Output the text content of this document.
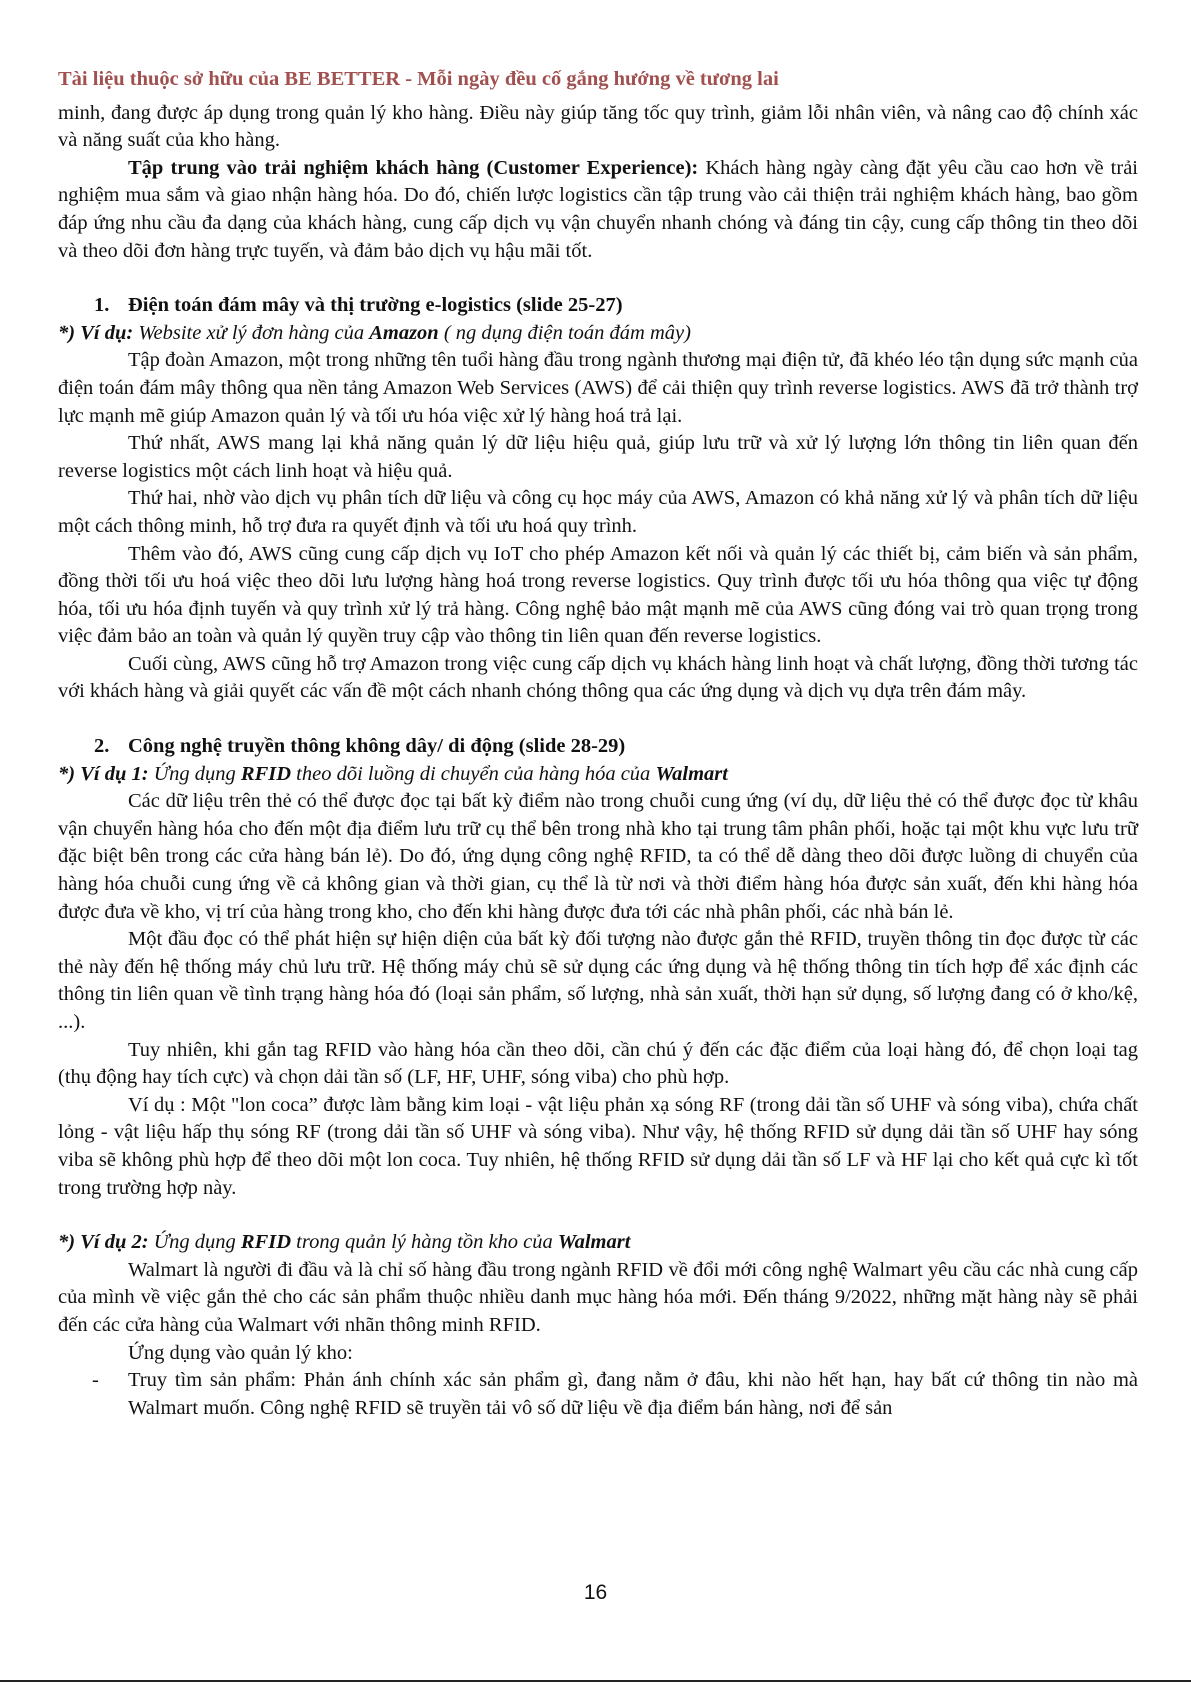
Tài liệu thuộc sở hữu của BE BETTER - Mỗi ngày đều cố gắng hướng về tương lai

minh, đang được áp dụng trong quản lý kho hàng. Điều này giúp tăng tốc quy trình, giảm lỗi nhân viên, và nâng cao độ chính xác và năng suất của kho hàng.

Tập trung vào trải nghiệm khách hàng (Customer Experience): Khách hàng ngày càng đặt yêu cầu cao hơn về trải nghiệm mua sắm và giao nhận hàng hóa. Do đó, chiến lược logistics cần tập trung vào cải thiện trải nghiệm khách hàng, bao gồm đáp ứng nhu cầu đa dạng của khách hàng, cung cấp dịch vụ vận chuyển nhanh chóng và đáng tin cậy, cung cấp thông tin theo dõi và theo dõi đơn hàng trực tuyến, và đảm bảo dịch vụ hậu mãi tốt.

1. Điện toán đám mây và thị trường e-logistics (slide 25-27)

*) Ví dụ: Website xử lý đơn hàng của Amazon ( ng dụng điện toán đám mây)

Tập đoàn Amazon, một trong những tên tuổi hàng đầu trong ngành thương mại điện tử, đã khéo léo tận dụng sức mạnh của điện toán đám mây thông qua nền tảng Amazon Web Services (AWS) để cải thiện quy trình reverse logistics. AWS đã trở thành trợ lực mạnh mẽ giúp Amazon quản lý và tối ưu hóa việc xử lý hàng hoá trả lại.

Thứ nhất, AWS mang lại khả năng quản lý dữ liệu hiệu quả, giúp lưu trữ và xử lý lượng lớn thông tin liên quan đến reverse logistics một cách linh hoạt và hiệu quả.

Thứ hai, nhờ vào dịch vụ phân tích dữ liệu và công cụ học máy của AWS, Amazon có khả năng xử lý và phân tích dữ liệu một cách thông minh, hỗ trợ đưa ra quyết định và tối ưu hoá quy trình.

Thêm vào đó, AWS cũng cung cấp dịch vụ IoT cho phép Amazon kết nối và quản lý các thiết bị, cảm biến và sản phẩm, đồng thời tối ưu hoá việc theo dõi lưu lượng hàng hoá trong reverse logistics. Quy trình được tối ưu hóa thông qua việc tự động hóa, tối ưu hóa định tuyến và quy trình xử lý trả hàng. Công nghệ bảo mật mạnh mẽ của AWS cũng đóng vai trò quan trọng trong việc đảm bảo an toàn và quản lý quyền truy cập vào thông tin liên quan đến reverse logistics.

Cuối cùng, AWS cũng hỗ trợ Amazon trong việc cung cấp dịch vụ khách hàng linh hoạt và chất lượng, đồng thời tương tác với khách hàng và giải quyết các vấn đề một cách nhanh chóng thông qua các ứng dụng và dịch vụ dựa trên đám mây.

2. Công nghệ truyền thông không dây/ di động (slide 28-29)

*) Ví dụ 1: Ứng dụng RFID theo dõi luồng di chuyển của hàng hóa của Walmart

Các dữ liệu trên thẻ có thể được đọc tại bất kỳ điểm nào trong chuỗi cung ứng (ví dụ, dữ liệu thẻ có thể được đọc từ khâu vận chuyển hàng hóa cho đến một địa điểm lưu trữ cụ thể bên trong nhà kho tại trung tâm phân phối, hoặc tại một khu vực lưu trữ đặc biệt bên trong các cửa hàng bán lẻ). Do đó, ứng dụng công nghệ RFID, ta có thể dễ dàng theo dõi được luồng di chuyển của hàng hóa chuỗi cung ứng về cả không gian và thời gian, cụ thể là từ nơi và thời điểm hàng hóa được sản xuất, đến khi hàng hóa được đưa về kho, vị trí của hàng trong kho, cho đến khi hàng được đưa tới các nhà phân phối, các nhà bán lẻ.

Một đầu đọc có thể phát hiện sự hiện diện của bất kỳ đối tượng nào được gắn thẻ RFID, truyền thông tin đọc được từ các thẻ này đến hệ thống máy chủ lưu trữ. Hệ thống máy chủ sẽ sử dụng các ứng dụng và hệ thống thông tin tích hợp để xác định các thông tin liên quan về tình trạng hàng hóa đó (loại sản phẩm, số lượng, nhà sản xuất, thời hạn sử dụng, số lượng đang có ở kho/kệ, ...).

Tuy nhiên, khi gắn tag RFID vào hàng hóa cần theo dõi, cần chú ý đến các đặc điểm của loại hàng đó, để chọn loại tag (thụ động hay tích cực) và chọn dải tần số (LF, HF, UHF, sóng viba) cho phù hợp.

Ví dụ : Một "lon coca” được làm bằng kim loại - vật liệu phản xạ sóng RF (trong dải tần số UHF và sóng viba), chứa chất lỏng - vật liệu hấp thụ sóng RF (trong dải tần số UHF và sóng viba). Như vậy, hệ thống RFID sử dụng dải tần số UHF hay sóng viba sẽ không phù hợp để theo dõi một lon coca. Tuy nhiên, hệ thống RFID sử dụng dải tần số LF và HF lại cho kết quả cực kì tốt trong trường hợp này.

*) Ví dụ 2: Ứng dụng RFID trong quản lý hàng tồn kho của Walmart

Walmart là người đi đầu và là chỉ số hàng đầu trong ngành RFID về đổi mới công nghệ Walmart yêu cầu các nhà cung cấp của mình về việc gắn thẻ cho các sản phẩm thuộc nhiều danh mục hàng hóa mới. Đến tháng 9/2022, những mặt hàng này sẽ phải đến các cửa hàng của Walmart với nhãn thông minh RFID.

Ứng dụng vào quản lý kho:

-	Truy tìm sản phẩm: Phản ánh chính xác sản phẩm gì, đang nằm ở đâu, khi nào hết hạn, hay bất cứ thông tin nào mà Walmart muốn. Công nghệ RFID sẽ truyền tải vô số dữ liệu về địa điểm bán hàng, nơi để sản
16
